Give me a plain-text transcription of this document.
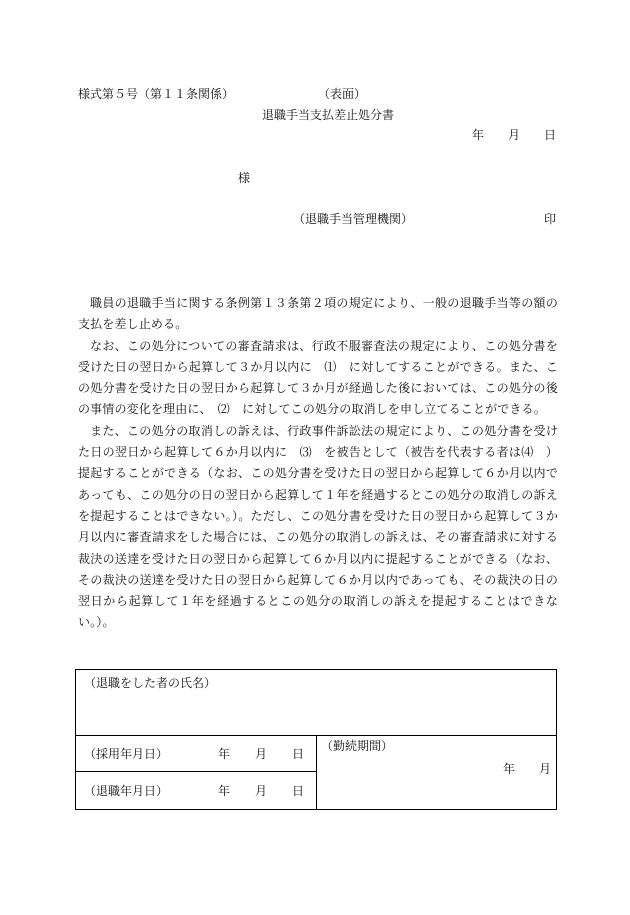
様式第５号（第１１条関係）	（表面）
退職手当支払差止処分書
年 月 日
様
（退職手当管理機関）	印

職員の退職手当に関する条例第１３条第２項の規定により、一般の退職手当等の額の支払を差し止める。

なお、この処分についての審査請求は、行政不服審査法の規定により、この処分書を受けた日の翌日から起算して３か月以内に　⑴　に対してすることができる。また、この処分書を受けた日の翌日から起算して３か月が経過した後においては、この処分の後の事情の変化を理由に、　⑵　に対してこの処分の取消しを申し立てることができる。

また、この処分の取消しの訴えは、行政事件訴訟法の規定により、この処分書を受けた日の翌日から起算して６か月以内に　⑶　を被告として（被告を代表する者は⑷　）提起することができる（なお、この処分書を受けた日の翌日から起算して６か月以内であっても、この処分の日の翌日から起算して１年を経過するとこの処分の取消しの訴えを提起することはできない。）。ただし、この処分書を受けた日の翌日から起算して３か月以内に審査請求をした場合には、この処分の取消しの訴えは、その審査請求に対する裁決の送達を受けた日の翌日から起算して６か月以内に提起することができる（なお、その裁決の送達を受けた日の翌日から起算して６か月以内であっても、その裁決の日の翌日から起算して１年を経過するとこの処分の取消しの訴えを提起することはできない。）。

（退職をした者の氏名）
（採用年月日）	年 月 日
（退職年月日）	年 月 日
（勤続期間）
年 月
